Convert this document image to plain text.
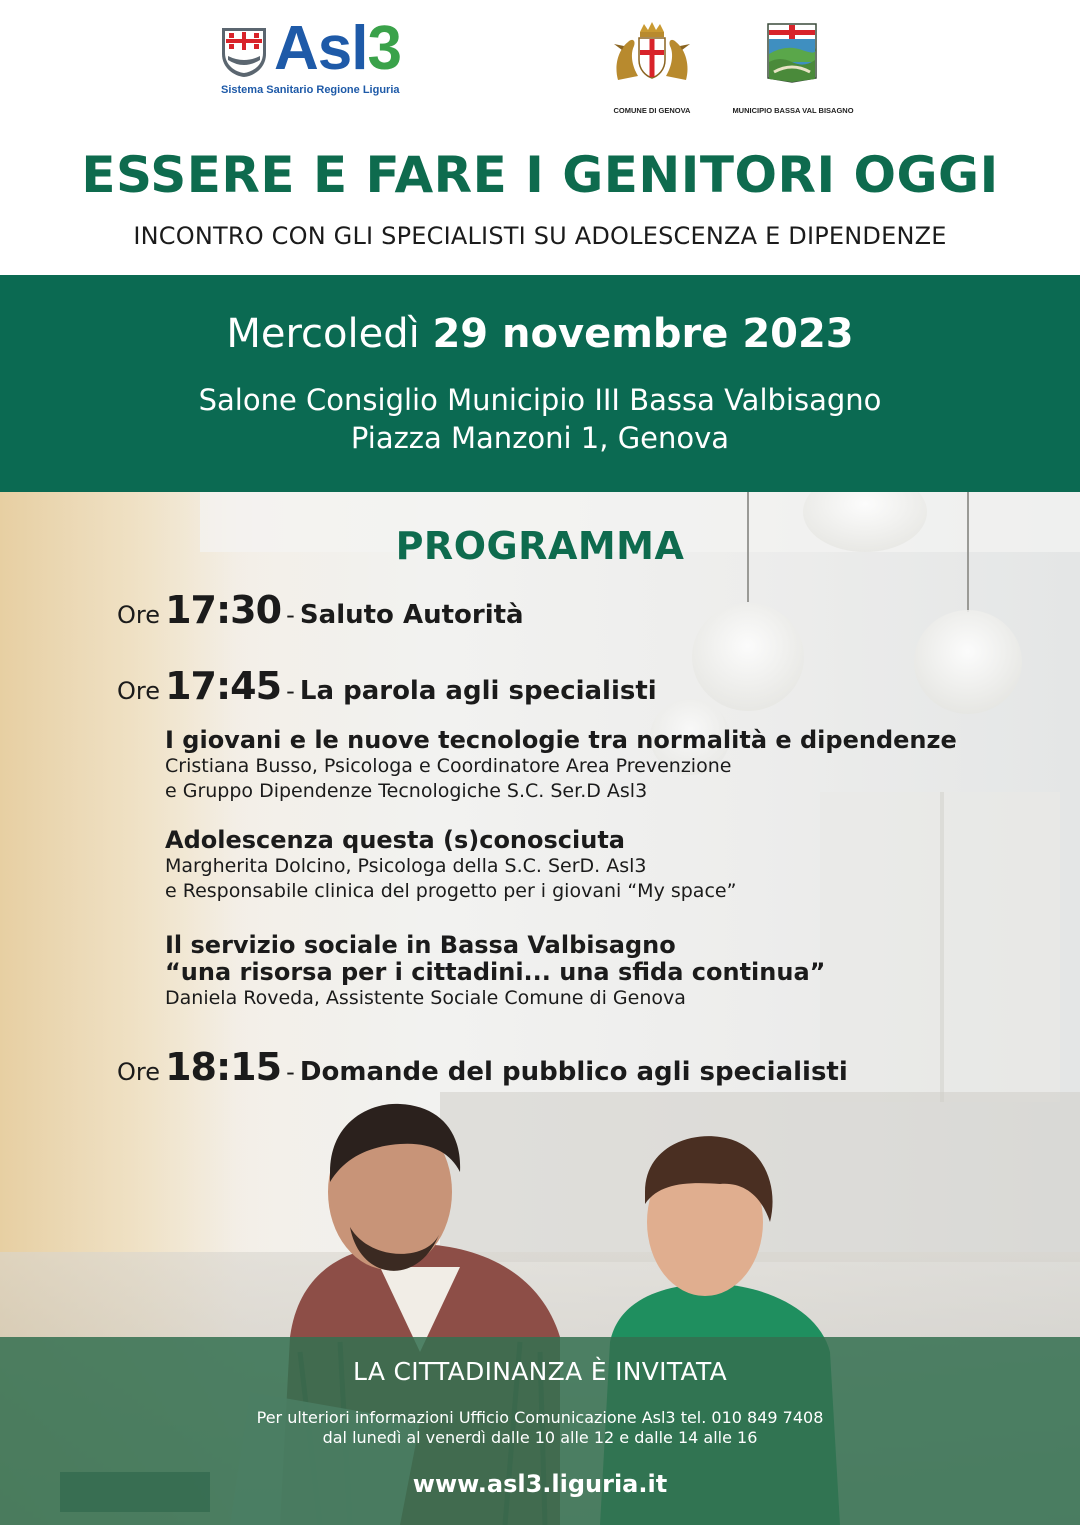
Asl3
Sistema Sanitario Regione Liguria
COMUNE DI GENOVA	MUNICIPIO BASSA VAL BISAGNO
ESSERE E FARE I GENITORI OGGI
INCONTRO CON GLI SPECIALISTI SU ADOLESCENZA E DIPENDENZE
Mercoledì 29 novembre 2023
Salone Consiglio Municipio III Bassa Valbisagno
Piazza Manzoni 1, Genova
PROGRAMMA
Ore 17:30 - Saluto Autorità
Ore 17:45 - La parola agli specialisti
I giovani e le nuove tecnologie tra normalità e dipendenze
Cristiana Busso, Psicologa e Coordinatore Area Prevenzione
e Gruppo Dipendenze Tecnologiche S.C. Ser.D Asl3
Adolescenza questa (s)conosciuta
Margherita Dolcino, Psicologa della S.C. SerD. Asl3
e Responsabile clinica del progetto per i giovani “My space”
Il servizio sociale in Bassa Valbisagno
“una risorsa per i cittadini... una sfida continua”
Daniela Roveda, Assistente Sociale Comune di Genova
Ore 18:15 - Domande del pubblico agli specialisti
LA CITTADINANZA È INVITATA
Per ulteriori informazioni Ufficio Comunicazione Asl3 tel. 010 849 7408
dal lunedì al venerdì dalle 10 alle 12 e dalle 14 alle 16
www.asl3.liguria.it
